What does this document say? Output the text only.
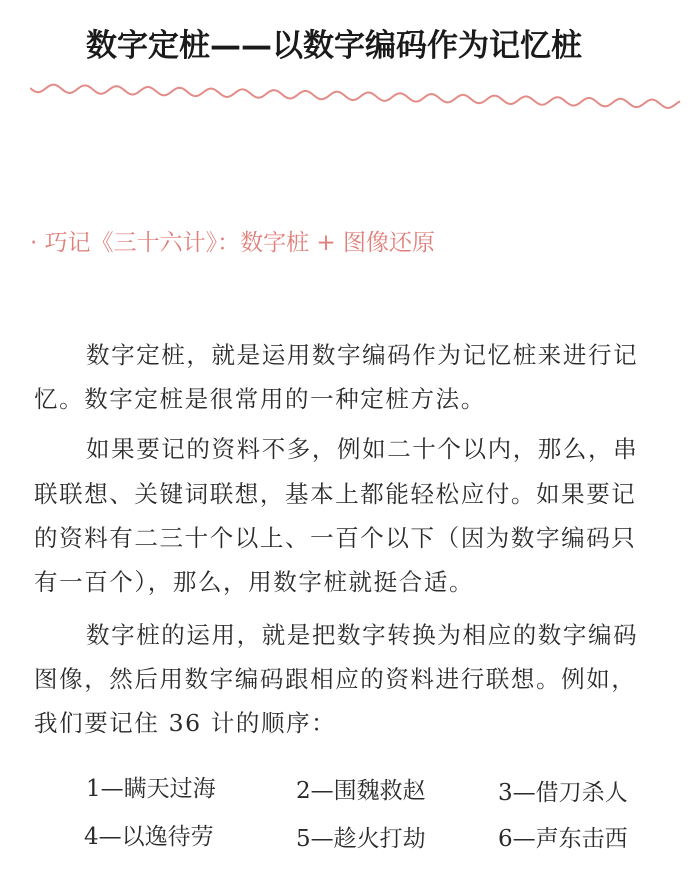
数字定桩——以数字编码作为记忆桩
· 巧记《三十六计》：数字桩 + 图像还原
数字定桩，就是运用数字编码作为记忆桩来进行记
忆。数字定桩是很常用的一种定桩方法。
如果要记的资料不多，例如二十个以内，那么，串
联联想、关键词联想，基本上都能轻松应付。如果要记
的资料有二三十个以上、一百个以下（因为数字编码只
有一百个），那么，用数字桩就挺合适。
数字桩的运用，就是把数字转换为相应的数字编码
图像，然后用数字编码跟相应的资料进行联想。例如，
我们要记住 36 计的顺序：
1—瞒天过海	2—围魏救赵	3—借刀杀人
4—以逸待劳	5—趁火打劫	6—声东击西
